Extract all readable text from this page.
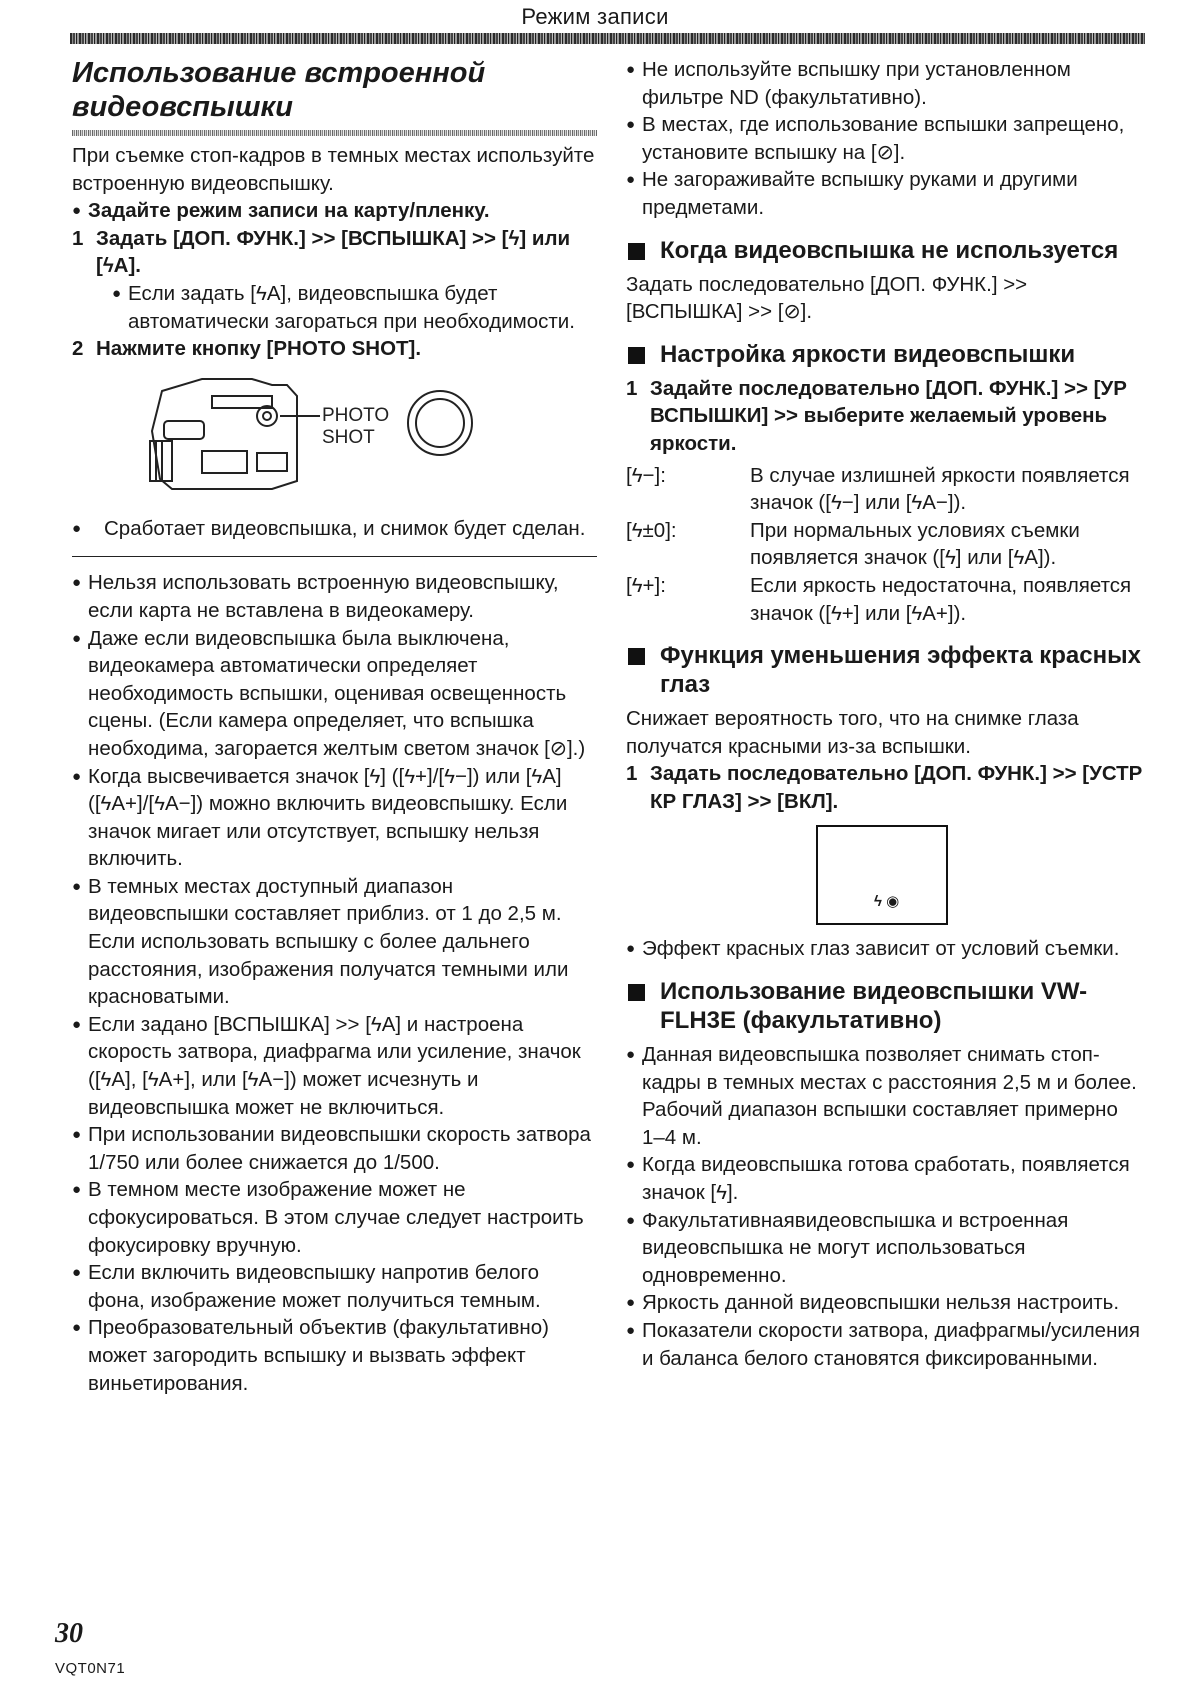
Режим записи
Использование встроенной
видеовспышки

При съемке стоп-кадров в темных местах используйте встроенную видеовспышку.

● Задайте режим записи на карту/пленку.

1 Задать [ДОП. ФУНК.] >> [ВСПЫШКА] >> [ϟ] или [ϟA].

● Если задать [ϟA], видеовспышка будет автоматически загораться при необходимости.

2 Нажмите кнопку [PHOTO SHOT].

PHOTO
SHOT

● Сработает видеовспышка, и снимок будет сделан.

● Нельзя использовать встроенную видеовспышку, если карта не вставлена в видеокамеру.

● Даже если видеовспышка была выключена, видеокамера автоматически определяет необходимость вспышки, оценивая освещенность сцены. (Если камера определяет, что вспышка необходима, загорается желтым светом значок [⊘].)

● Когда высвечивается значок [ϟ] ([ϟ+]/[ϟ−]) или [ϟA] ([ϟA+]/[ϟA−]) можно включить видеовспышку. Если значок мигает или отсутствует, вспышку нельзя включить.

● В темных местах доступный диапазон видеовспышки составляет приблиз. от 1 до 2,5 м. Если использовать вспышку с более дальнего расстояния, изображения получатся темными или красноватыми.

● Если задано [ВСПЫШКА] >> [ϟA] и настроена скорость затвора, диафрагма или усиление, значок ([ϟA], [ϟA+], или [ϟA−]) может исчезнуть и видеовспышка может не включиться.

● При использовании видеовспышки скорость затвора 1/750 или более снижается до 1/500.

● В темном месте изображение может не сфокусироваться. В этом случае следует настроить фокусировку вручную.

● Если включить видеовспышку напротив белого фона, изображение может получиться темным.

● Преобразовательный объектив (факультативно) может загородить вспышку и вызвать эффект виньетирования.

● Не используйте вспышку при установленном фильтре ND (факультативно).

● В местах, где использование вспышки запрещено, установите вспышку на [⊘].

● Не загораживайте вспышку руками и другими предметами.

Когда видеовспышка не используется

Задать последовательно [ДОП. ФУНК.] >> [ВСПЫШКА] >> [⊘].

Настройка яркости видеовспышки

1 Задайте последовательно [ДОП. ФУНК.] >> [УР ВСПЫШКИ] >> выберите желаемый уровень яркости.

[ϟ−]:	В случае излишней яркости появляется значок ([ϟ−] или [ϟA−]).
[ϟ±0]:	При нормальных условиях съемки появляется значок ([ϟ] или [ϟA]).
[ϟ+]:	Если яркость недостаточна, появляется значок ([ϟ+] или [ϟA+]).
Функция уменьшения эффекта красных глаз

Снижает вероятность того, что на снимке глаза получатся красными из-за вспышки.

1 Задать последовательно [ДОП. ФУНК.] >> [УСТР КР ГЛАЗ] >> [ВКЛ].

ϟ ◉

● Эффект красных глаз зависит от условий съемки.

Использование видеовспышки VW-FLH3E (факультативно)

● Данная видеовспышка позволяет снимать стоп-кадры в темных местах с расстояния 2,5 м и более. Рабочий диапазон вспышки составляет примерно 1–4 м.

● Когда видеовспышка готова сработать, появляется значок [ϟ].

● Факультативнаявидеовспышка и встроенная видеовспышка не могут использоваться одновременно.

● Яркость данной видеовспышки нельзя настроить.

● Показатели скорости затвора, диафрагмы/усиления и баланса белого становятся фиксированными.

30
VQT0N71
